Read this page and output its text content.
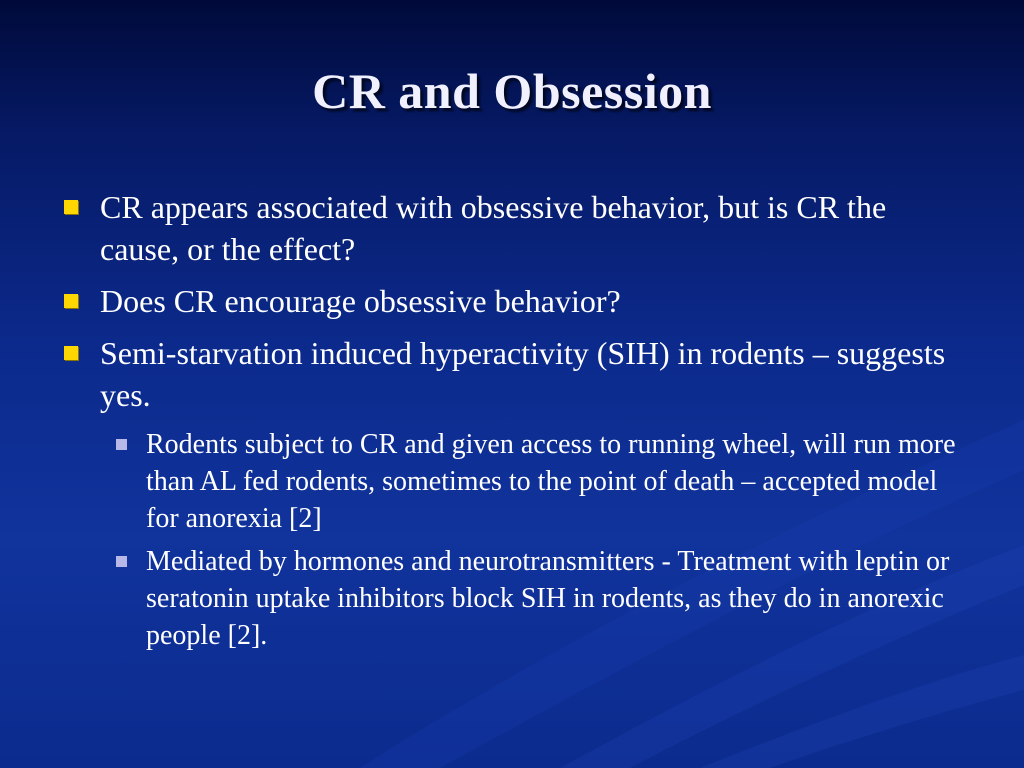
CR and Obsession
CR appears associated with obsessive behavior, but is CR the cause, or the effect?
Does CR encourage obsessive behavior?
Semi-starvation induced hyperactivity (SIH) in rodents – suggests yes.
Rodents subject to CR and given access to running wheel, will run more than AL fed rodents, sometimes to the point of death – accepted model for anorexia [2]
Mediated by hormones and neurotransmitters - Treatment with leptin or seratonin uptake inhibitors block SIH in rodents, as they do in anorexic people [2].
